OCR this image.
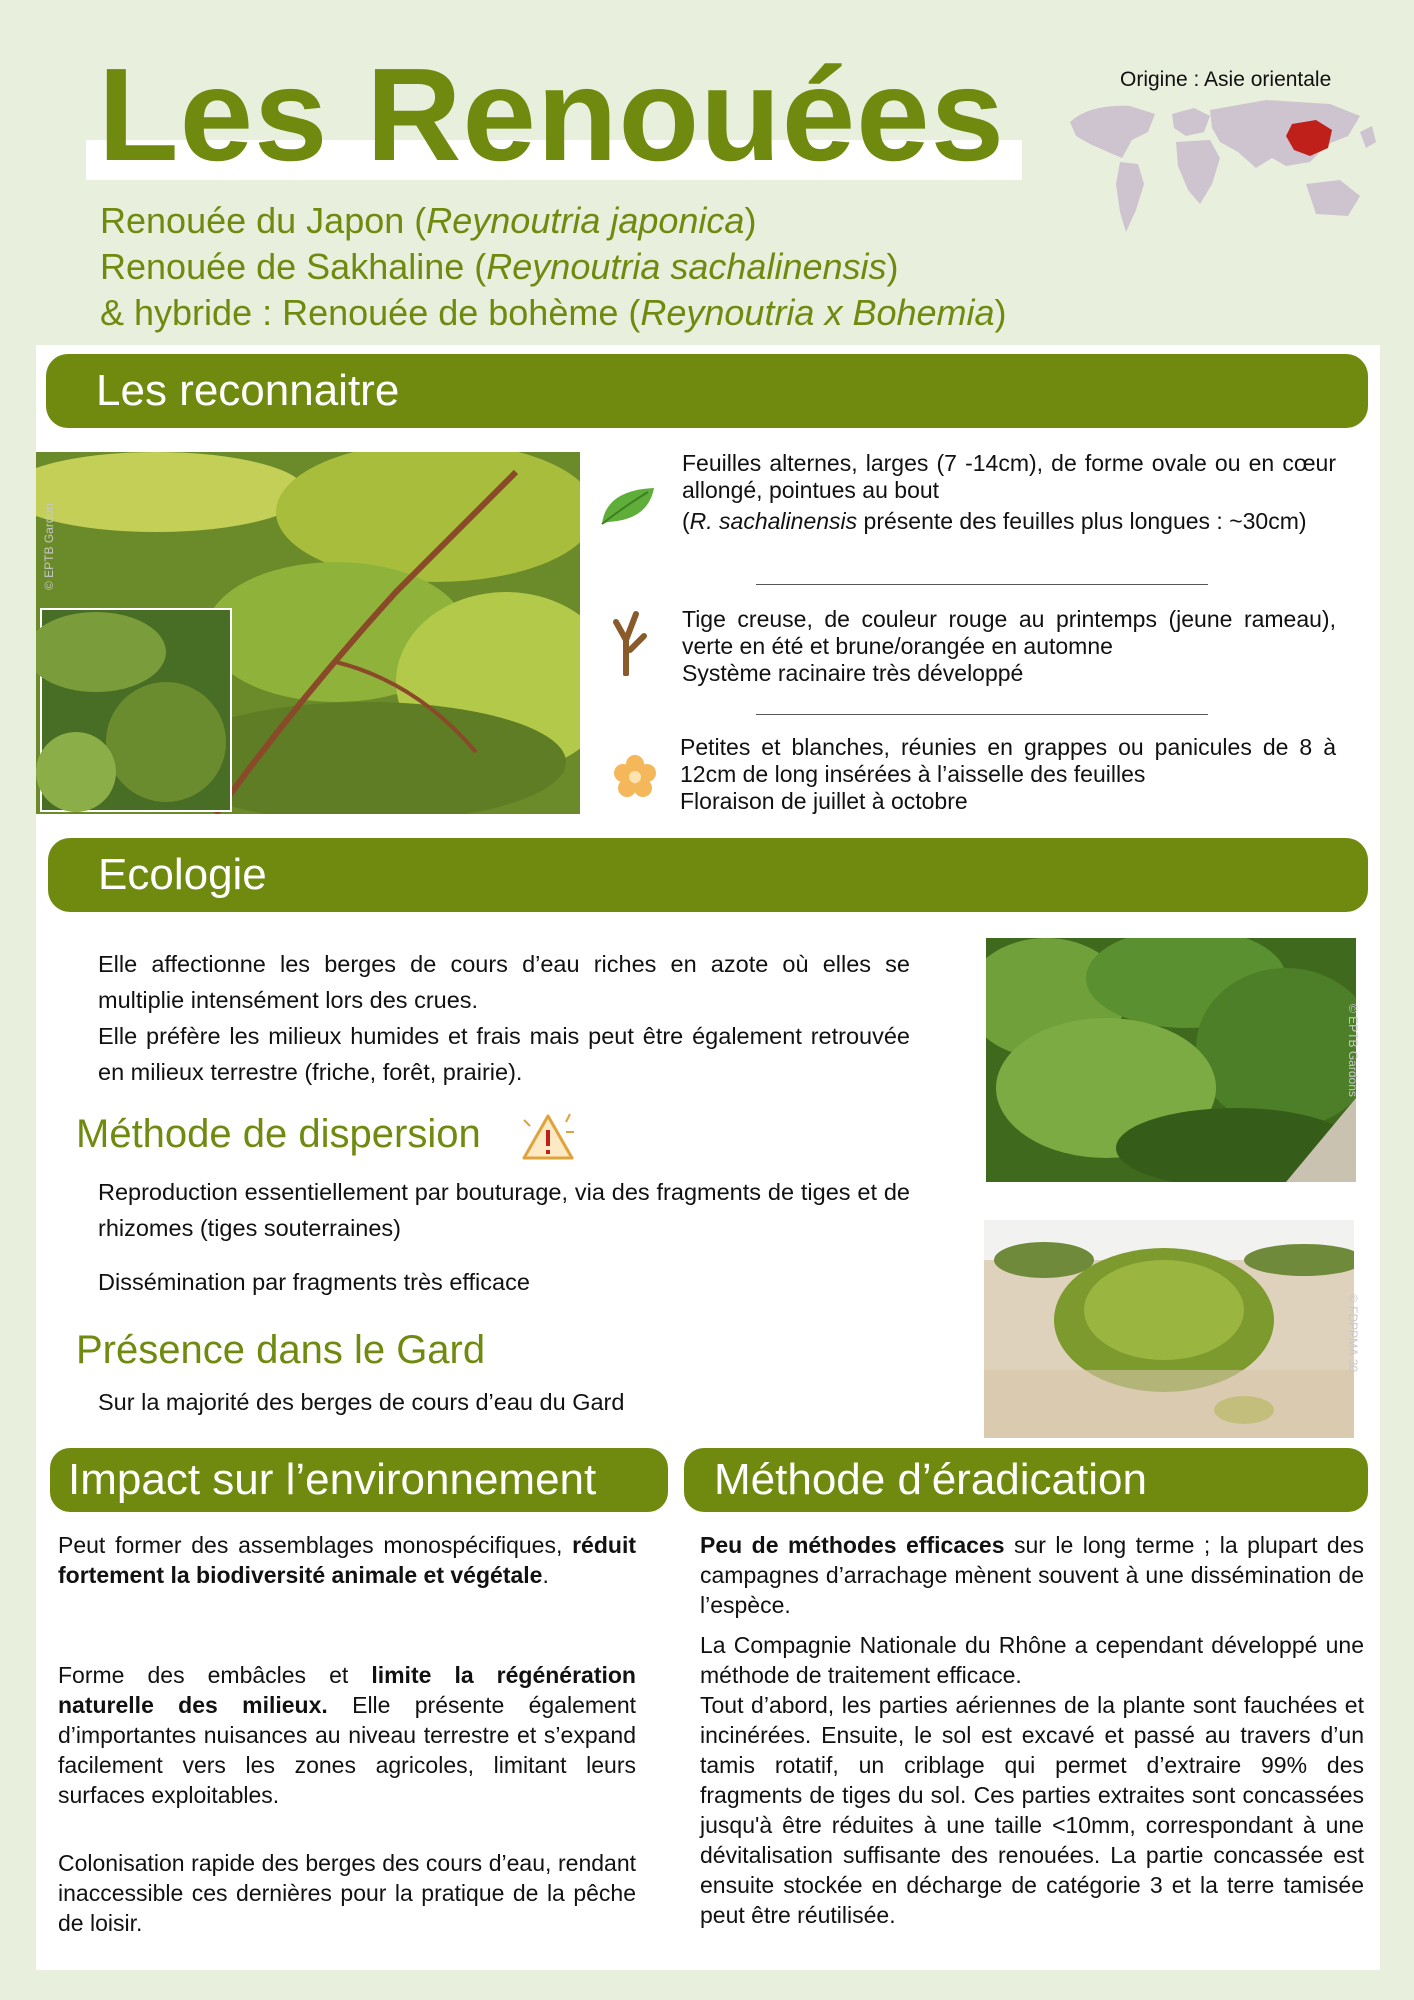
Les Renouées
Renouée du Japon (Reynoutria japonica)
Renouée de Sakhaline (Reynoutria sachalinensis)
& hybride : Renouée de bohème (Reynoutria x Bohemia)
Origine : Asie orientale
Les reconnaitre
© EPTB Gardon
Feuilles alternes, larges (7 -14cm), de forme ovale ou en cœur allongé, pointues au bout
(R. sachalinensis présente des feuilles plus longues : ~30cm)
Tige creuse, de couleur rouge au printemps (jeune rameau), verte en été et brune/orangée en automne
Système racinaire très développé
Petites et blanches, réunies en grappes ou panicules de 8 à 12cm de long insérées à l’aisselle des feuilles
Floraison de juillet à octobre
Ecologie
Elle affectionne les berges de cours d’eau riches en azote où elles se multiplie intensément lors des crues.
Elle préfère les milieux humides et frais mais peut être également retrouvée en milieux terrestre (friche, forêt, prairie).
Méthode de dispersion
Reproduction essentiellement par bouturage, via des fragments de tiges et de rhizomes (tiges souterraines)
Dissémination par fragments très efficace
Présence dans le Gard
Sur la majorité des berges de cours d’eau du Gard
© EPTB Gardons
© FDPPMA 30
Impact sur l’environnement
Peut former des assemblages monospécifiques, réduit fortement la biodiversité animale et végétale.
Forme des embâcles et limite la régénération naturelle des milieux. Elle présente également d’importantes nuisances au niveau terrestre et s’expand facilement vers les zones agricoles, limitant leurs surfaces exploitables.
Colonisation rapide des berges des cours d’eau, rendant inaccessible ces dernières pour la pratique de la pêche de loisir.
Méthode d’éradication
Peu de méthodes efficaces sur le long terme ; la plupart des campagnes d’arrachage mènent souvent à une dissémination de l’espèce.
La Compagnie Nationale du Rhône a cependant développé une méthode de traitement efficace.
Tout d’abord, les parties aériennes de la plante sont fauchées et incinérées. Ensuite, le sol est excavé et passé au travers d’un tamis rotatif, un criblage qui permet d’extraire 99% des fragments de tiges du sol. Ces parties extraites sont concassées jusqu'à être réduites à une taille <10mm, correspondant à une dévitalisation suffisante des renouées. La partie concassée est ensuite stockée en décharge de catégorie 3 et la terre tamisée peut être réutilisée.
